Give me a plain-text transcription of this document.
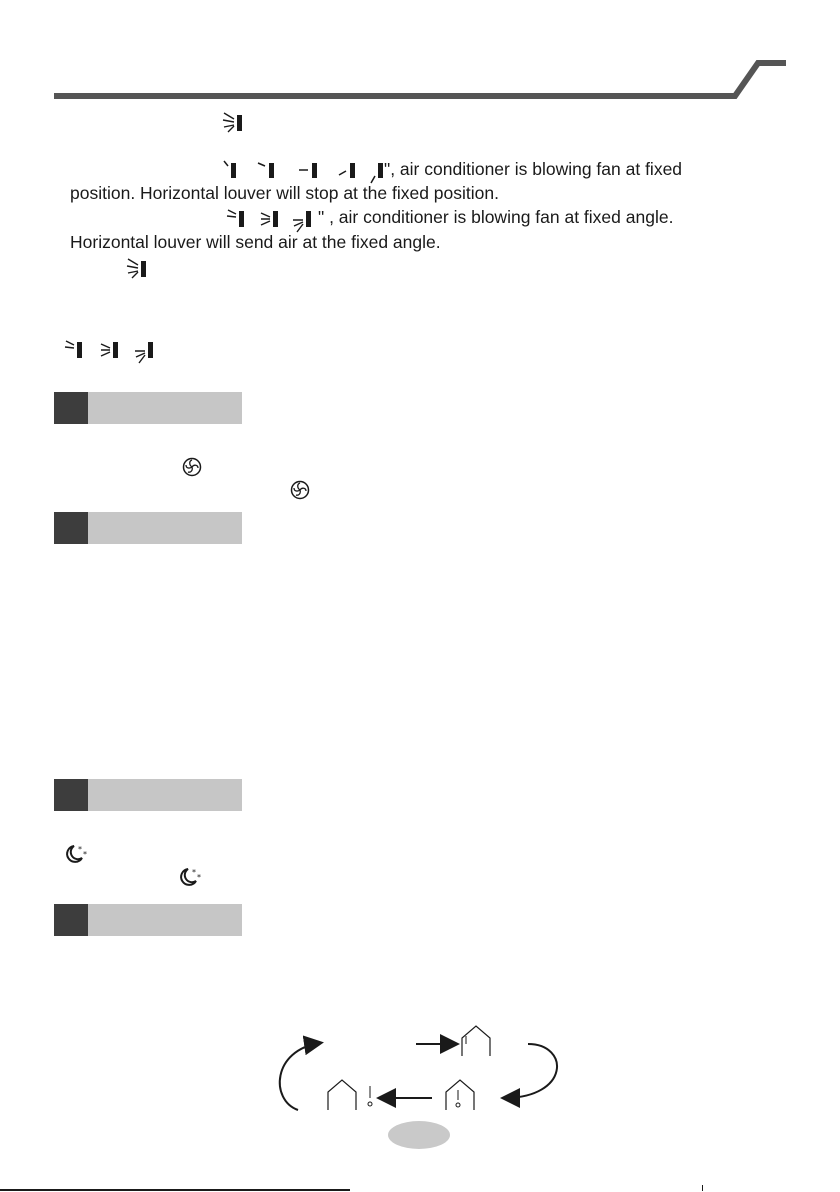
", air conditioner is blowing fan at fixed
position. Horizontal louver will stop at the fixed position.
" , air conditioner is blowing fan at fixed angle.
Horizontal louver will send air at the fixed angle.
*
*
*
*
